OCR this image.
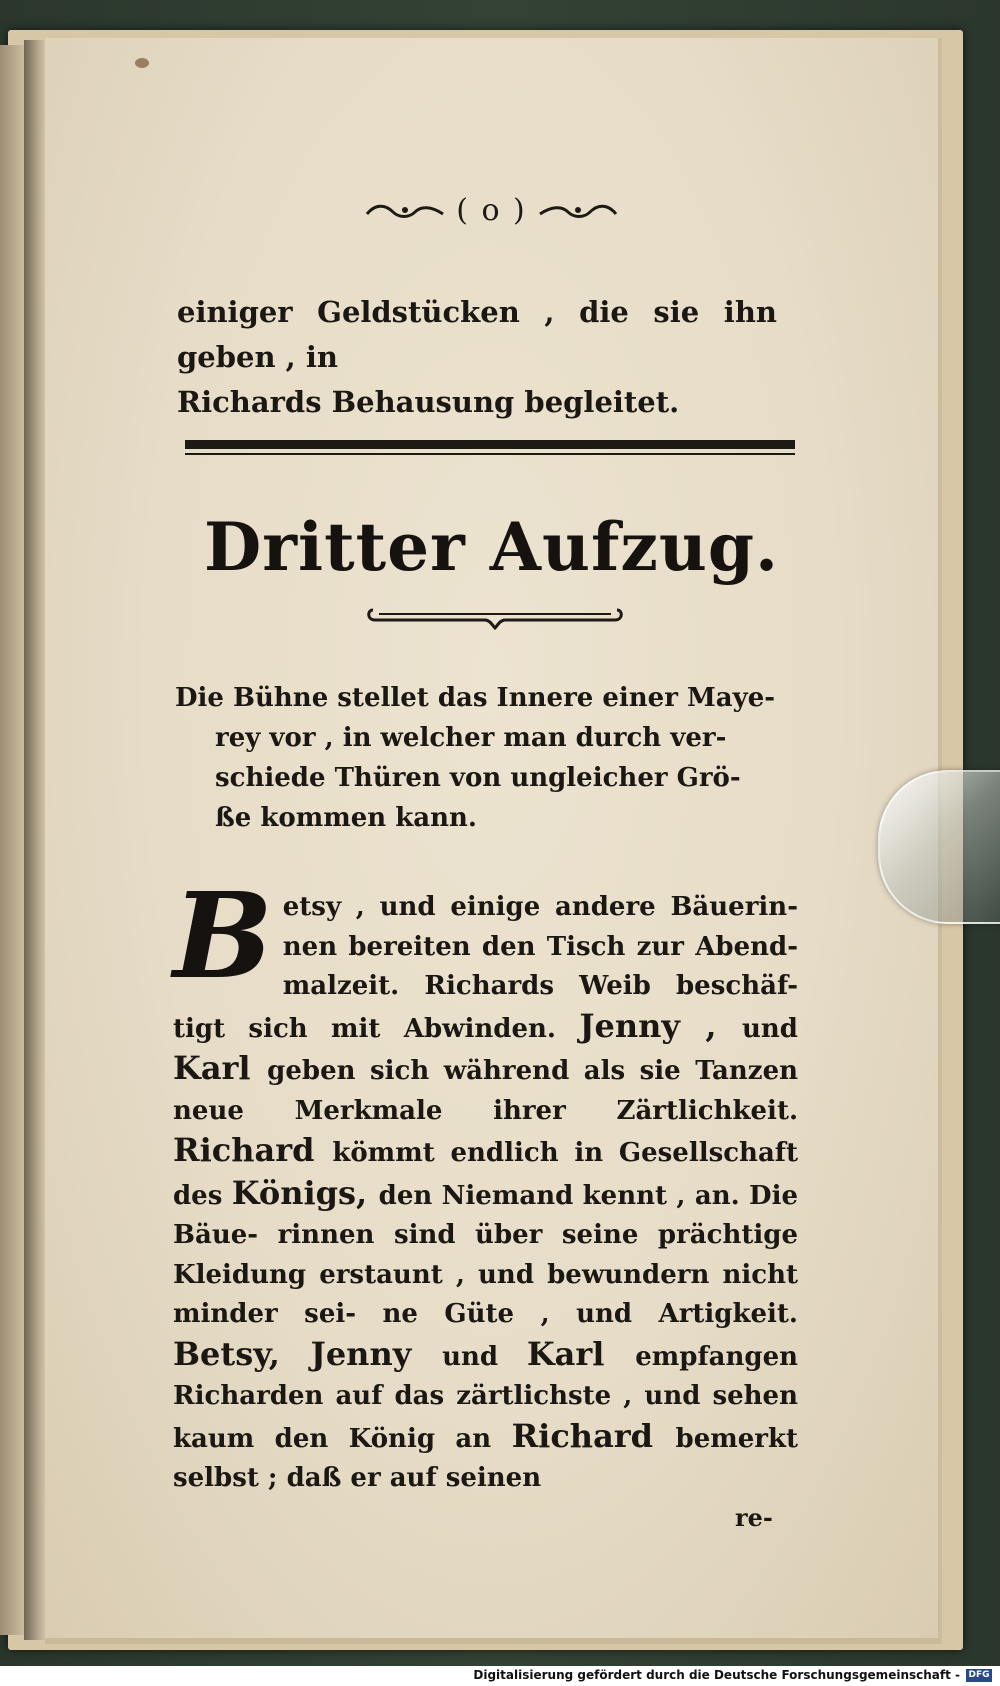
( o )
einiger Geldstücken , die sie ihn geben , in
Richards Behausung begleitet.
Dritter Aufzug.
Die Bühne stellet das Innere einer Maye-
rey vor , in welcher man durch ver-
schiede Thüren von ungleicher Grö-
ße kommen kann.
B etsy , und einige andere Bäuerin- nen bereiten den Tisch zur Abend- malzeit. Richards Weib beschäf- tigt sich mit Abwinden. Jenny , und Karl geben sich während als sie Tanzen neue Merkmale ihrer Zärtlichkeit. Richard kömmt endlich in Gesellschaft des Königs, den Niemand kennt , an. Die Bäue- rinnen sind über seine prächtige Kleidung erstaunt , und bewundern nicht minder sei- ne Güte , und Artigkeit. Betsy, Jenny und Karl empfangen Richarden auf das zärtlichste , und sehen kaum den König an Richard bemerkt selbst ; daß er auf seinen
re-
Digitalisierung gefördert durch die Deutsche Forschungsgemeinschaft - DFG
